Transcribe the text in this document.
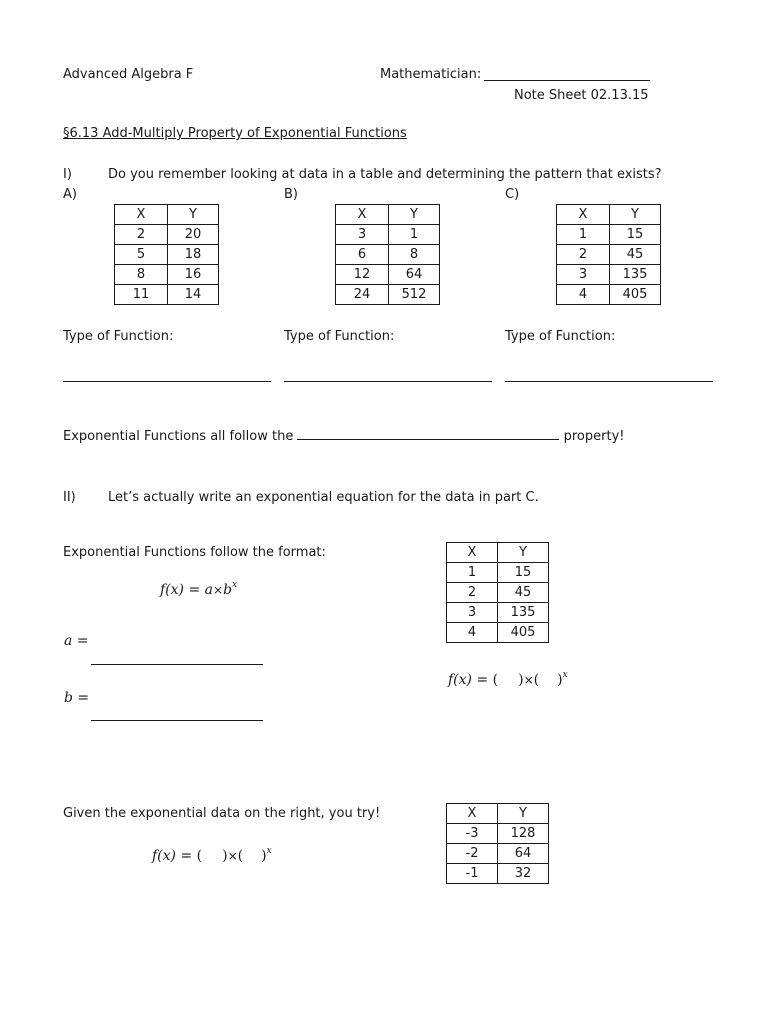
Advanced Algebra F	Mathematician:
Note Sheet 02.13.15
§6.13 Add-Multiply Property of Exponential Functions
I)	Do you remember looking at data in a table and determining the pattern that exists?
A)	B)	C)
X	Y
2	20
5	18
8	16
11	14
X	Y
3	1
6	8
12	64
24	512
X	Y
1	15
2	45
3	135
4	405
Type of Function:	Type of Function:	Type of Function:
Exponential Functions all follow the	property!
II) Let’s actually write an exponential equation for the data in part C.
Exponential Functions follow the format:
$f(x) = a\times b^x$
a =
b =
X	Y
1	15
2	45
3	135
4	405
f(x) = ( )×( )$^x$
Given the exponential data on the right, you try!
f(x) = ( )×( )$^x$
X	Y
-3	128
-2	64
-1	32
